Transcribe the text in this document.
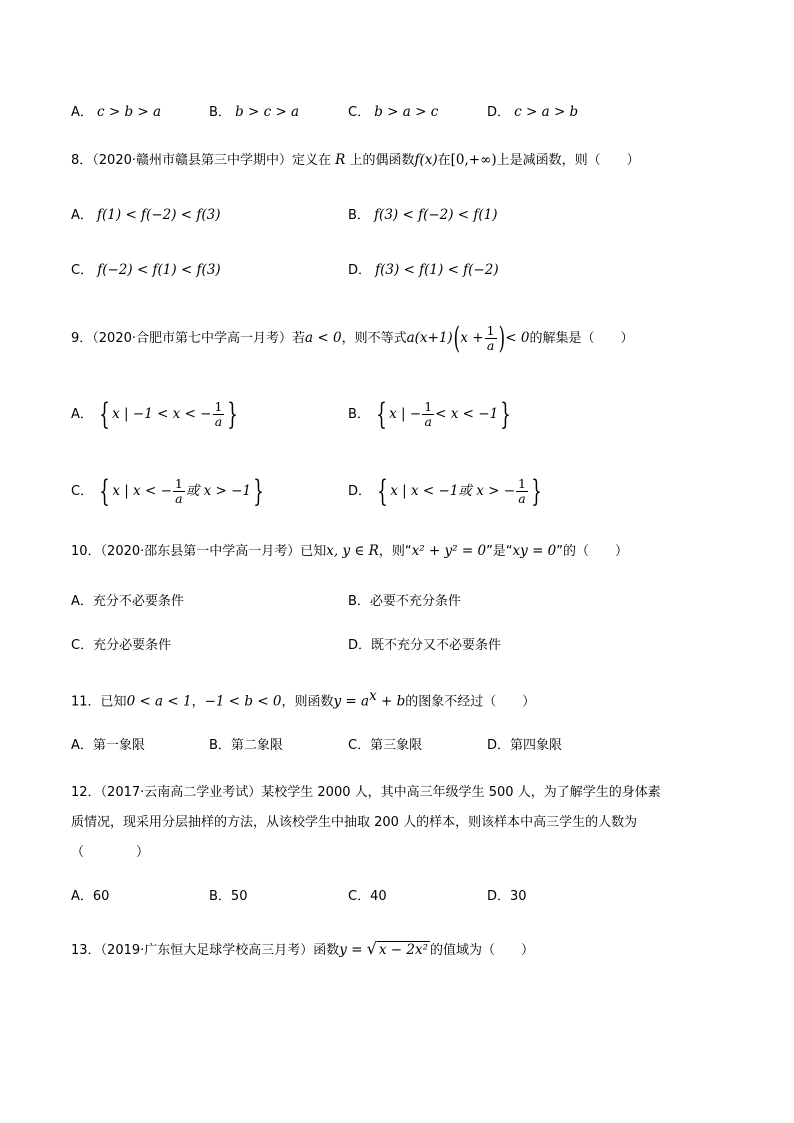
A． c > b > a	B． b > c > a	C． b > a > c	D． c > a > b
8．（2020·赣州市赣县第三中学期中）定义在 R 上的偶函数f(x)在[0,+∞)上是减函数，则（　　）
A． f(1) < f(−2) < f(3)	B． f(3) < f(−2) < f(1)
C． f(−2) < f(1) < f(3)	D． f(3) < f(1) < f(−2)
9．（2020·合肥市第七中学高一月考）若a < 0，则不等式$a(x+1)(x + \frac{1}{a}$ )< 0的解集是（　　）
A． { x | −1 < x < − $\frac{1}{a}$ }	B． { x | − $\frac{1}{a} < x < -1$}
C． { x | x < − $\frac{1}{a}$ 或 x > −1}	D． { x | x < −1或 x > − $\frac{1}{a}$ }
10．（2020·邵东县第一中学高一月考）已知x, y ∈ R，则“x² + y² = 0”是“xy = 0”的（　　）
A．充分不必要条件	B．必要不充分条件
C．充分必要条件	D．既不充分又不必要条件
11．已知0 < a < 1，−1 < b < 0，则函数$y = a^x + b$的图象不经过（　　）
A．第一象限	B．第二象限	C．第三象限	D．第四象限
12．（2017·云南高二学业考试）某校学生 2000 人，其中高三年级学生 500 人，为了解学生的身体素
质情况，现采用分层抽样的方法，从该校学生中抽取 200 人的样本，则该样本中高三学生的人数为
（　　　　）
A．60	B．50	C．40	D．30
13．（2019·广东恒大足球学校高三月考）函数y = √ x − 2x² 的值域为（　　）
